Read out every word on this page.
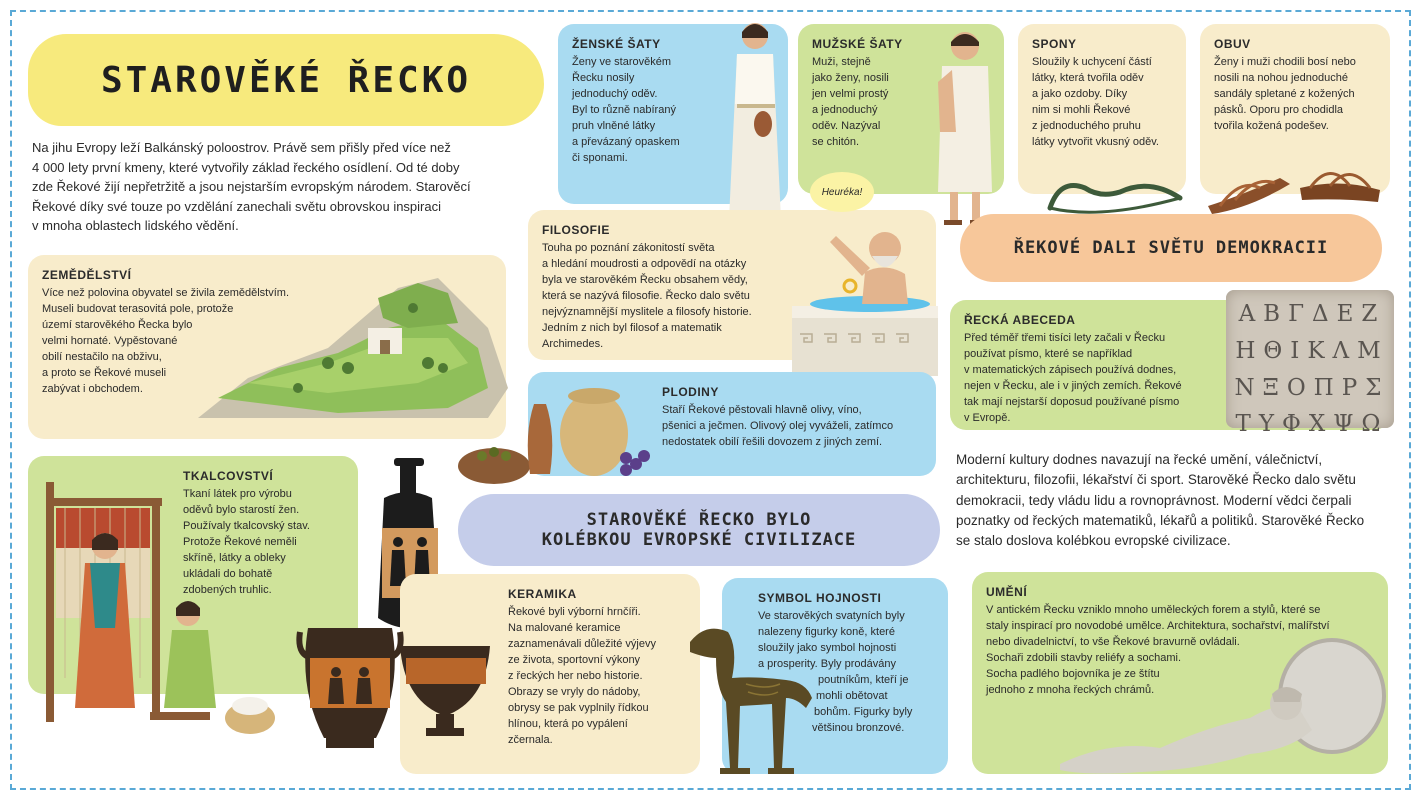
STAROVĚKÉ ŘECKO
Na jihu Evropy leží Balkánský poloostrov. Právě sem přišly před více než
4 000 lety první kmeny, které vytvořily základ řeckého osídlení. Od té doby
zde Řekové žijí nepřetržitě a jsou nejstarším evropským národem. Starověcí
Řekové díky své touze po vzdělání zanechali světu obrovskou inspiraci
v mnoha oblastech lidského vědění.
ZEMĚDĚLSTVÍ
Více než polovina obyvatel se živila zemědělstvím.
Museli budovat terasovitá pole, protože
území starověkého Řecka bylo
velmi hornaté. Vypěstované
obilí nestačilo na obživu,
a proto se Řekové museli
zabývat i obchodem.
TKALCOVSTVÍ
Tkaní látek pro výrobu
oděvů bylo starostí žen.
Používaly tkalcovský stav.
Protože Řekové neměli
skříně, látky a obleky
ukládali do bohatě
zdobených truhlic.
ŽENSKÉ ŠATY
Ženy ve starověkém
Řecku nosily
jednoduchý oděv.
Byl to různě nabíraný
pruh vlněné látky
a převázaný opaskem
či sponami.
MUŽSKÉ ŠATY
Muži, stejně
jako ženy, nosili
jen velmi prostý
a jednoduchý
oděv. Nazýval
se chitón.
SPONY
Sloužily k uchycení částí
látky, která tvořila oděv
a jako ozdoby. Díky
nim si mohli Řekové
z jednoduchého pruhu
látky vytvořit vkusný oděv.
OBUV
Ženy i muži chodili bosí nebo
nosili na nohou jednoduché
sandály spletané z kožených
pásků. Oporu pro chodidla
tvořila kožená podešev.
FILOSOFIE
Touha po poznání zákonitostí světa
a hledání moudrosti a odpovědí na otázky
byla ve starověkém Řecku obsahem vědy,
která se nazývá filosofie. Řecko dalo světu
nejvýznamnější myslitele a filosofy historie.
Jedním z nich byl filosof a matematik
Archimedes.
Heuréka!
ŘEKOVÉ DALI SVĚTU DEMOKRACII
ŘECKÁ ABECEDA
Před téměř třemi tisíci lety začali v Řecku
používat písmo, které se například
v matematických zápisech používá dodnes,
nejen v Řecku, ale i v jiných zemích. Řekové
tak mají nejstarší doposud používané písmo
v Evropě.
ΑΒΓΔΕΖ
ΗΘΙΚΛΜ
ΝΞΟΠΡΣ
ΤΥΦΧΨΩ
PLODINY
Staří Řekové pěstovali hlavně olivy, víno,
pšenici a ječmen. Olivový olej vyváželi, zatímco
nedostatek obilí řešili dovozem z jiných zemí.
Moderní kultury dodnes navazují na řecké umění, válečnictví,
architekturu, filozofii, lékařství či sport. Starověké Řecko dalo světu
demokracii, tedy vládu lidu a rovnoprávnost. Moderní vědci čerpali
poznatky od řeckých matematiků, lékařů a politiků. Starověké Řecko
se stalo doslova kolébkou evropské civilizace.
STAROVĚKÉ ŘECKO BYLO
KOLÉBKOU EVROPSKÉ CIVILIZACE
KERAMIKA
Řekové byli výborní hrnčíři.
Na malované keramice
zaznamenávali důležité výjevy
ze života, sportovní výkony
z řeckých her nebo historie.
Obrazy se vryly do nádoby,
obrysy se pak vyplnily řídkou
hlínou, která po vypálení
zčernala.
SYMBOL HOJNOSTI
Ve starověkých svatyních byly
nalezeny figurky koně, které
sloužily jako symbol hojnosti
a prosperity. Byly prodávány
poutníkům, kteří je
mohli obětovat
bohům. Figurky byly
většinou bronzové.
UMĚNÍ
V antickém Řecku vzniklo mnoho uměleckých forem a stylů, které se
staly inspirací pro novodobé umělce. Architektura, sochařství, malířství
nebo divadelnictví, to vše Řekové bravurně ovládali.
Sochaři zdobili stavby reliéfy a sochami.
Socha padlého bojovníka je ze štítu
jednoho z mnoha řeckých chrámů.
